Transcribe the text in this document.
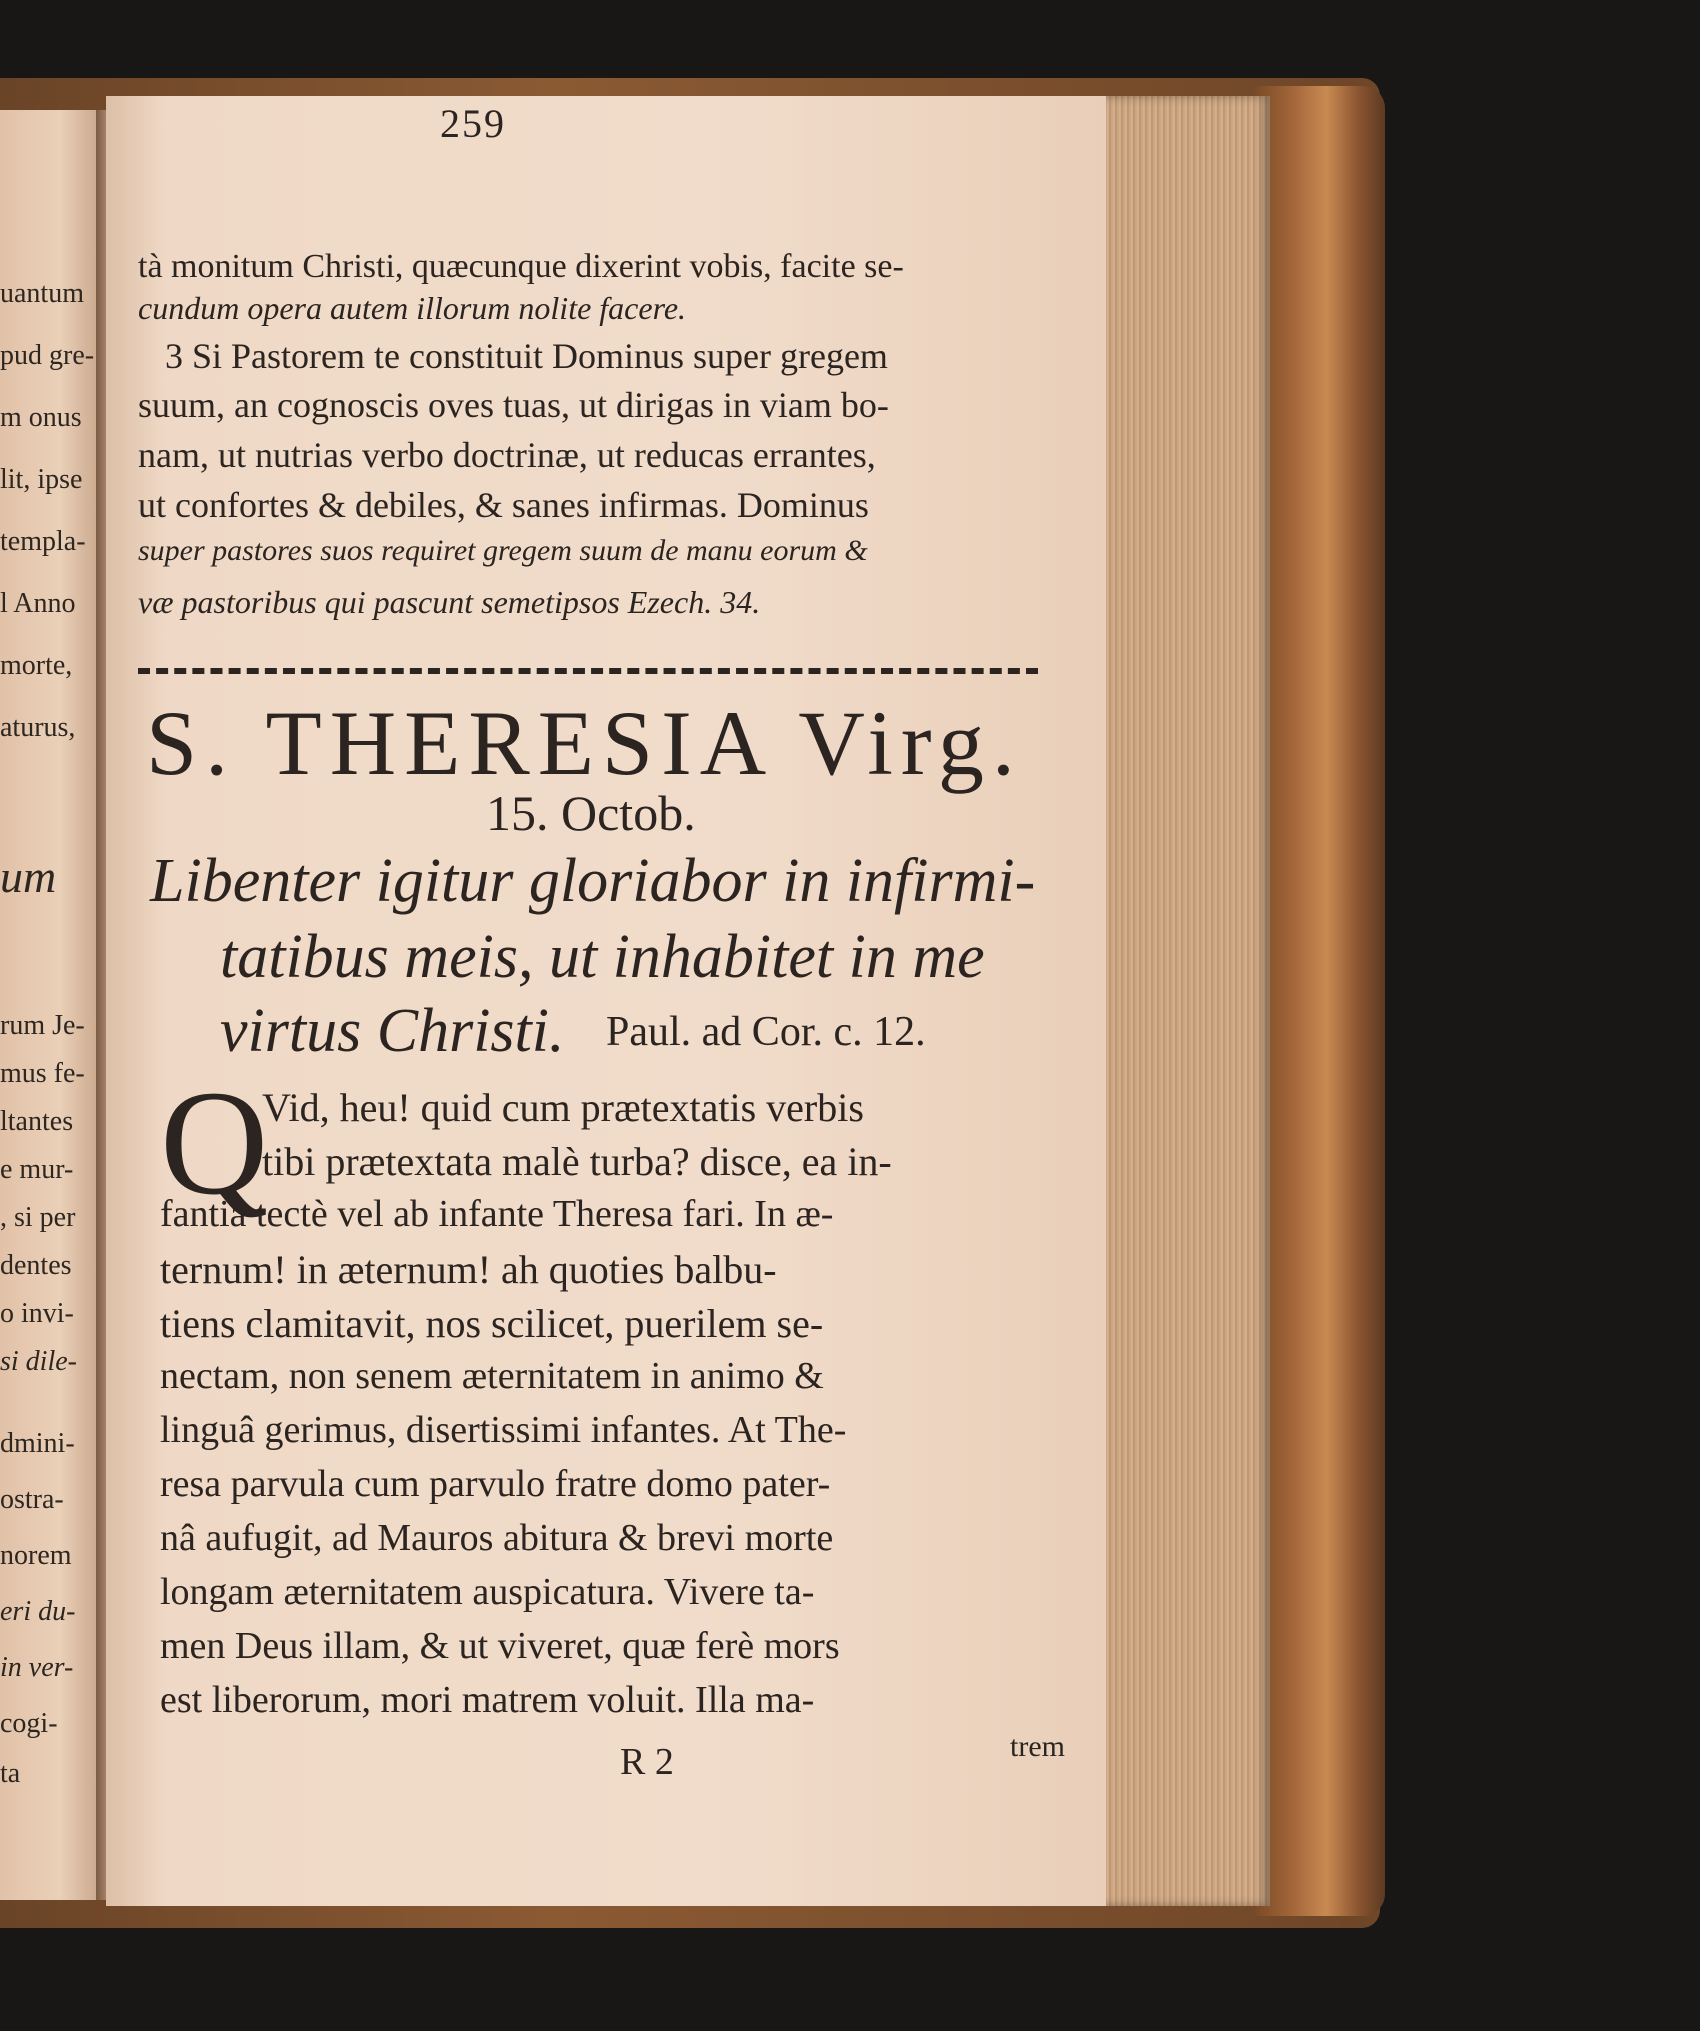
uantum
pud gre-
m onus
lit, ipse
templa-
l Anno
morte,
aturus,
um
rum Je-
mus fe-
ltantes
e mur-
, si per
dentes
o invi-
si dile-
dmini-
ostra-
norem
eri du-
in ver-
cogi-
ta
259
tà monitum Christi, quæcunque dixerint vobis, facite se-
cundum opera autem illorum nolite facere.
3 Si Pastorem te constituit Dominus super gregem
suum, an cognoscis oves tuas, ut dirigas in viam bo-
nam, ut nutrias verbo doctrinæ, ut reducas errantes,
ut confortes & debiles, & sanes infirmas. Dominus
super pastores suos requiret gregem suum de manu eorum &
væ pastoribus qui pascunt semetipsos Ezech. 34.
S. THERESIA Virg.
15. Octob.
Libenter igitur gloriabor in infirmi-
tatibus meis, ut inhabitet in me
virtus Christi. Paul. ad Cor. c. 12.
Q
Vid, heu! quid cum prætextatis verbis
tibi prætextata malè turba? disce, ea in-
fantia tectè vel ab infante Theresa fari. In æ-
ternum! in æternum! ah quoties balbu-
tiens clamitavit, nos scilicet, puerilem se-
nectam, non senem æternitatem in animo &
linguâ gerimus, disertissimi infantes. At The-
resa parvula cum parvulo fratre domo pater-
nâ aufugit, ad Mauros abitura & brevi morte
longam æternitatem auspicatura. Vivere ta-
men Deus illam, & ut viveret, quæ ferè mors
est liberorum, mori matrem voluit. Illa ma-
R 2	trem
